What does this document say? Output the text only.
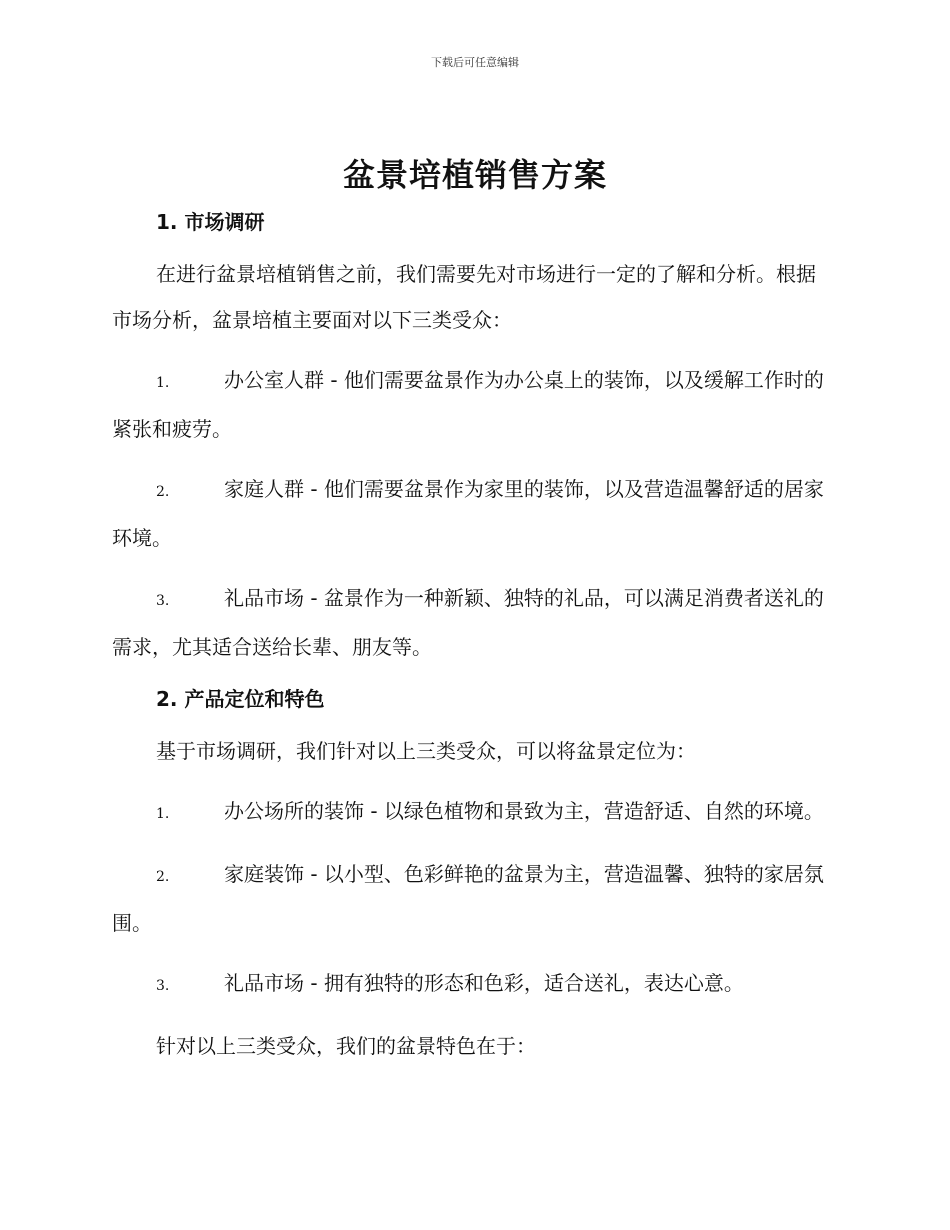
下载后可任意编辑
盆景培植销售方案
1. 市场调研

在进行盆景培植销售之前，我们需要先对市场进行一定的了解和分析。根据市场分析，盆景培植主要面对以下三类受众：

1.	办公室人群 - 他们需要盆景作为办公桌上的装饰，以及缓解工作时的紧张和疲劳。

2.	家庭人群 - 他们需要盆景作为家里的装饰，以及营造温馨舒适的居家环境。

3.	礼品市场 - 盆景作为一种新颖、独特的礼品，可以满足消费者送礼的需求，尤其适合送给长辈、朋友等。

2. 产品定位和特色

基于市场调研，我们针对以上三类受众，可以将盆景定位为：

1.	办公场所的装饰 - 以绿色植物和景致为主，营造舒适、自然的环境。

2.	家庭装饰 - 以小型、色彩鲜艳的盆景为主，营造温馨、独特的家居氛围。

3.	礼品市场 - 拥有独特的形态和色彩，适合送礼，表达心意。

针对以上三类受众，我们的盆景特色在于：
